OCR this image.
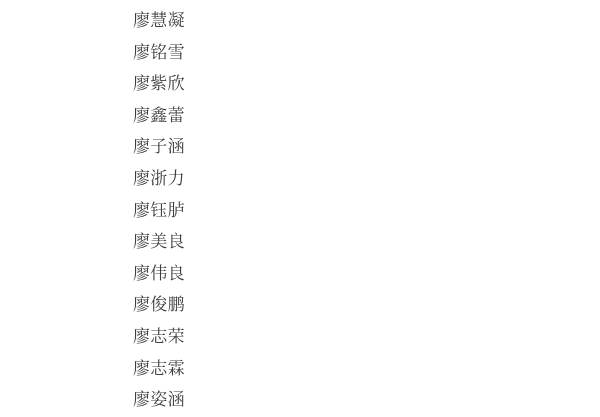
廖慧凝
廖铭雪
廖紫欣
廖鑫蕾
廖子涵
廖浙力
廖钰胪
廖美良
廖伟良
廖俊鹏
廖志荣
廖志霖
廖姿涵
